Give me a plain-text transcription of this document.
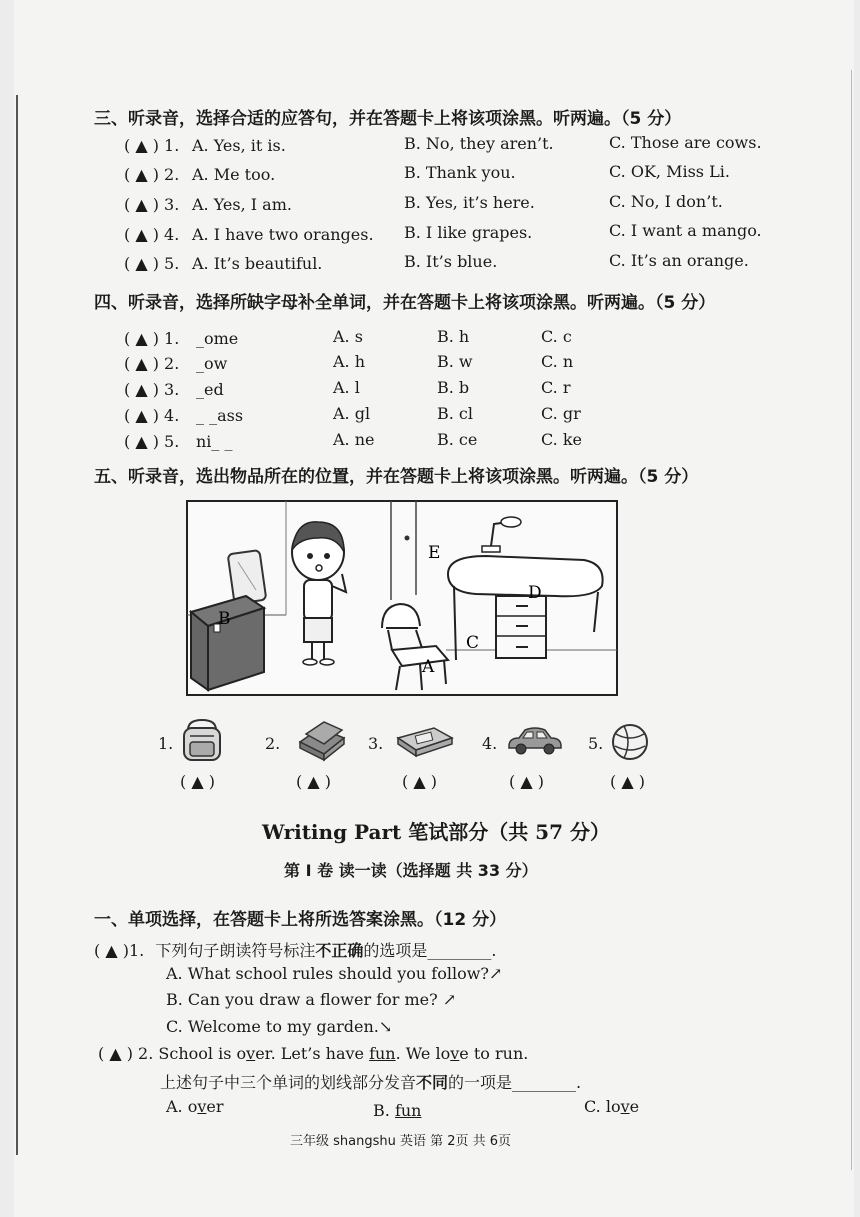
三、听录音，选择合适的应答句，并在答题卡上将该项涂黑。听两遍。（5 分）
( ▲ ) 1. A. Yes, it is.	B. No, they aren’t.	C. Those are cows.
( ▲ ) 2. A. Me too.	B. Thank you.	C. OK, Miss Li.
( ▲ ) 3. A. Yes, I am.	B. Yes, it’s here.	C. No, I don’t.
( ▲ ) 4. A. I have two oranges. B. I like grapes.	C. I want a mango.
( ▲ ) 5. A. It’s beautiful.	B. It’s blue.	C. It’s an orange.
四、听录音，选择所缺字母补全单词，并在答题卡上将该项涂黑。听两遍。（5 分）
( ▲ ) 1. _ome	A. s	B. h	C. c
( ▲ ) 2. _ow	A. h	B. w	C. n
( ▲ ) 3. _ed	A. l	B. b	C. r
( ▲ ) 4. _ _ass	A. gl	B. cl	C. gr
( ▲ ) 5. ni_ _	A. ne	B. ce	C. ke
五、听录音，选出物品所在的位置，并在答题卡上将该项涂黑。听两遍。（5 分）
A
B
C
D
E
1.
( ▲ )
2.
( ▲ )
3.
( ▲ )
4.
( ▲ )
5.
( ▲ )
Writing Part 笔试部分（共 57 分）
第 I 卷 读一读（选择题 共 33 分）
一、单项选择，在答题卡上将所选答案涂黑。（12 分）
( ▲ )1. 下列句子朗读符号标注不正确的选项是________.
A. What school rules should you follow?↗
B. Can you draw a flower for me? ↗
C. Welcome to my garden.↘
( ▲ ) 2. School is over. Let’s have fun. We love to run.
上述句子中三个单词的划线部分发音不同的一项是________.
A. over	B. fun	C. love
三年级 shangshu 英语 第 2页 共 6页
